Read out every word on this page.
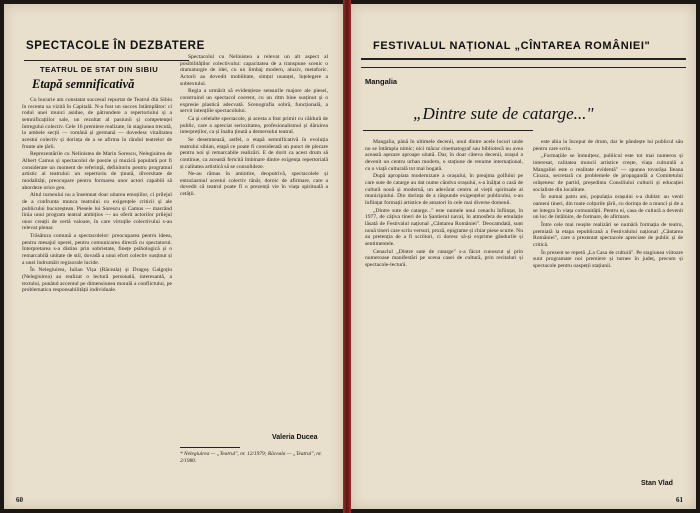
SPECTACOLE ÎN DEZBATERE
TEATRUL DE STAT DIN SIBIU
Etapă semnificativă

Cu bucurie am constatat succesul repurtat de Teatrul din Sibiu în recenta sa vizită în Capitală. N-a fost un succes întâmplător: ci rodul unei munci asidue, de pătrundere a repertoriului și a semnificațiilor sale, un rezultat al pasiunii și competenței întregului colectiv. Cele 16 premiere realizate, în stagiunea trecută, la ambele secții — română și germană — dovedesc vitalitatea acestui colectiv și dorința de a se afirma în rândul teatrelor de frunte ale țării.

Reprezentările cu Nelinistea de Marin Sorescu, Nelegiuirea de Albert Camus și spectacolul de poezie și muzică populară pot fi considerate un moment de referință, definitoriu pentru programul artistic al teatrului: un repertoriu de ținută, diversitate de modalități, preocupare pentru formarea unor actori capabili să abordeze orice gen.

Altul turneului nu a însemnat doar uitarea emoțiilor, ci prilejul de a confrunta munca teatrului cu exigențele criticii și ale publicului bucureștean. Piesele lui Sorescu și Camus — marcând linia unui program teatral ambițios — au oferit actorilor prilejul unor creații de certă valoare, în care virtuțile colectivului s-au relevat plenar.

Trăsătura comună a spectacolelor: preocuparea pentru ideea, pentru mesajul operei, pentru comunicarea directă cu spectatorul. Interpretarea s-a distins prin sobrietate, finețe psihologică și o remarcabilă unitate de stil, dovadă a unui efort colectiv susținut și a unei îndrumări regizorale lucide.

În Nelegiuirea, Iulian Vișa (Răceala) și Dragoș Galgoțiu (Nelegiuirea) au realizat o lectură personală, interesantă, a textului, punând accentul pe dimensiunea morală a conflictului, pe problematica responsabilității individuale.

Spectacolul cu Nelinistea a relevat un alt aspect al posibilităților colectivului: capacitatea de a transpune scenic o dramaturgie de idei, cu un limbaj modern, aluziv, metaforic. Actorii au dovedit mobilitate, simțul nuanței, înțelegere a subtextului.

Regia a urmărit să evidențieze sensurile majore ale piesei, construind un spectacol coerent, cu un ritm bine susținut și o expresie plastică adecvată. Scenografia sobră, funcțională, a servit intențiile spectacolului.

Ca și celelalte spectacole, și acesta a fost primit cu căldură de public, care a apreciat seriozitatea, profesionalismul și dăruirea interpreților, ca și înalta ținută a demersului teatral.

Se desemnează, astfel, o etapă semnificativă în evoluția teatrului sibian, etapă ce poate fi considerată un punct de plecare pentru noi și remarcabile realizări. E de dorit ca acest drum să continue, ca această fericită îmbinare dintre exigența repertorială și calitatea artistică să se consolideze.

Ne-au rămas în amintire, deopotrivă, spectacolele și entuziasmul acestui colectiv tânăr, dornic de afirmare, care a dovedit că teatrul poate fi o prezență vie în viața spirituală a cetății.

Valeria Ducea
* Nelegiuirea — „Teatrul", nr. 12/1979; Răceala — „Teatrul", nr. 2/1980.
60
FESTIVALUL NAȚIONAL „CÎNTAREA ROMÂNIEI"
Mangalia
„Dintre sute de catarge..."

Mangalia, până în ultimele decenii, unul dintre acele locuri unde nu se întâmpla nimic; nici măcar cinematograf sau bibliotecă nu avea această așezare aproape uitată. Dar, în doar câteva decenii, orașul a devenit un centru urban modern, o stațiune de renume internațional, cu o viață culturală tot mai bogată.

După apropiata modernizare a orașului, în preajma golfului pe care sute de catarge au dat nume cândva orașului, s-a înălțat o casă de cultură nouă și modernă, un adevărat centru al vieții spirituale al municipiului. Din dorința de a răspunde exigențelor publicului, s-au înființat formații artistice de amatori în cele mai diverse domenii.

„Dintre sute de catarge..." este numele unui cenaclu înființat, în 1977, de câțiva tineri de la Șantierul naval, în atmosfera de emulație lăsată de Festivalul național „Cântarea României". Deocamdată, sunt nouă tineri care scriu versuri, proză, epigrame și chiar piese scurte. Nu au pretenția de a fi scriitori, ci doresc să-și exprime gândurile și sentimentele.

Cenaclul „Dintre sute de catarge" s-a făcut cunoscut și prin numeroase manifestări pe scena casei de cultură, prin recitaluri și spectacole-lectură.

este abia la început de drum, dar le pândește lui publicul său pentru care scriu.

„Formațiile se înmulțesc, publicul este tot mai numeros și interesat, calitatea muncii artistice crește, viața culturală a Mangaliei este o realitate evidentă" — spunea tovarășa Ileana Cioaca, secretară cu problemele de propagandă a Comitetului orășenesc de partid, președinta Consiliului culturii și educației socialiste din localitate.

În numai patru ani, populația orașului s-a dublat: au venit oameni tineri, din toate colțurile țării, cu dorința de a munci și de a se integra în viața comunității. Pentru ei, casa de cultură a devenit un loc de întâlnire, de formare, de afirmare.

Între cele mai reușite realizări se numără formația de teatru, premiată la etapa republicană a Festivalului național „Cântarea României", care a prezentat spectacole apreciate de public și de critică.

În prezent se repetă „La Casa de cultură". Pe stagiunea viitoare sunt programate noi premiere și turnee în județ, precum și spectacole pentru oaspeții stațiunii.

Stan Vlad
61
